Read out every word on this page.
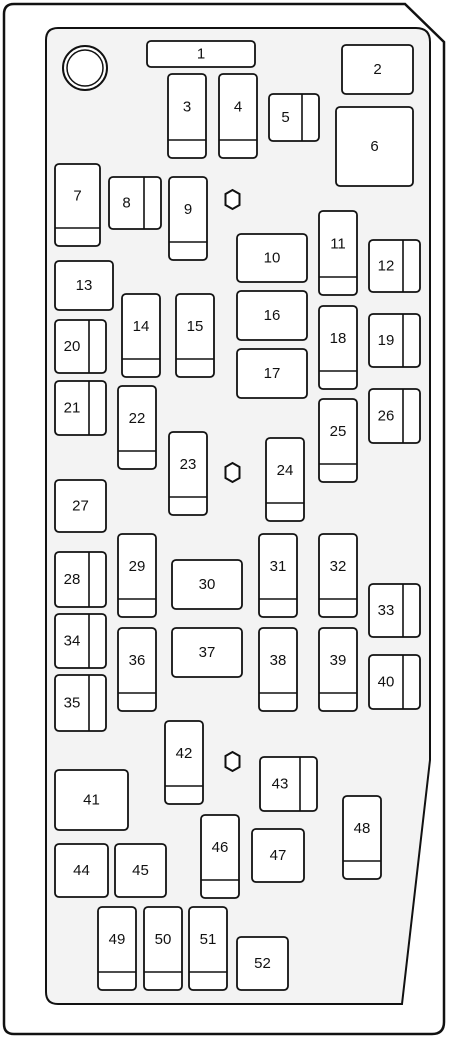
1
2
3	4
5
6
7	8	9
10
11
12
13
14 15
16
17
18 19
20
21
22
23	24
25
26
27
28
29
30
31	32
33
34
35
36	37	38	39
40
41
42
43
44	45
46	47
48
49 50 51
52
